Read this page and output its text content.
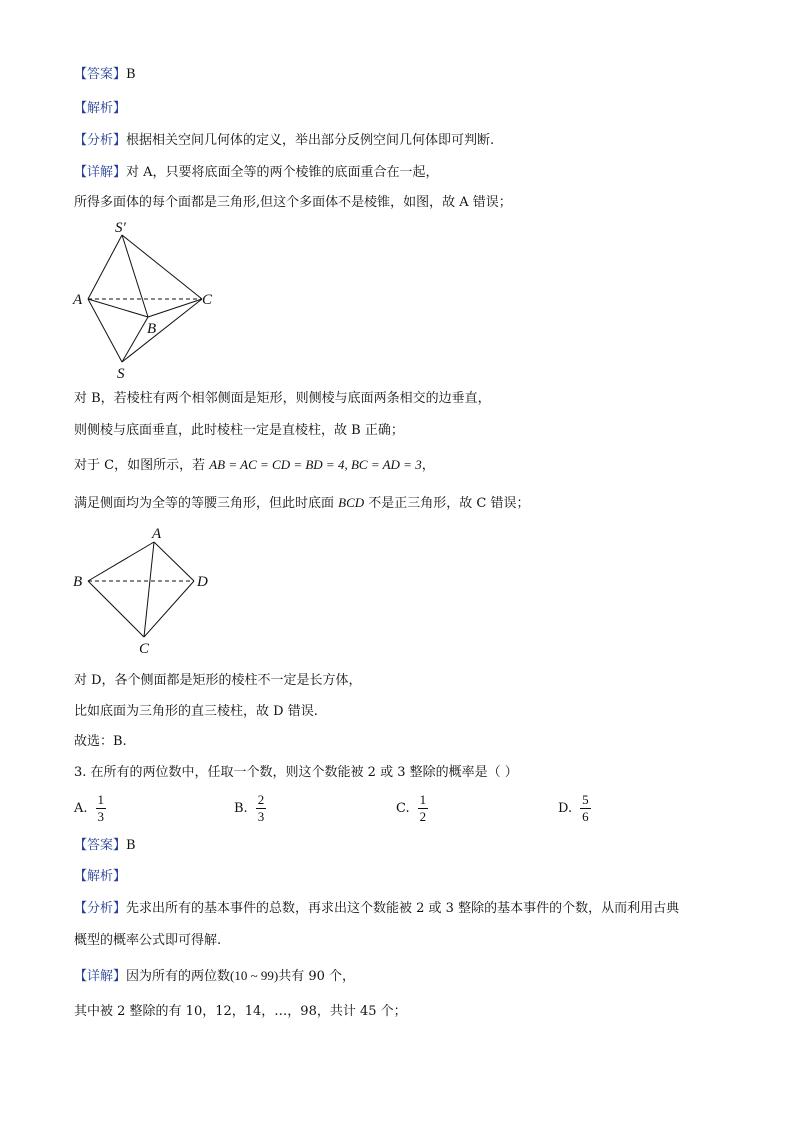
【答案】B
【解析】
【分析】根据相关空间几何体的定义，举出部分反例空间几何体即可判断.
【详解】对 A，只要将底面全等的两个棱锥的底面重合在一起，
所得多面体的每个面都是三角形,但这个多面体不是棱锥，如图，故 A 错误；
S′
A	C
B
S
对 B，若棱柱有两个相邻侧面是矩形，则侧棱与底面两条相交的边垂直，
则侧棱与底面垂直，此时棱柱一定是直棱柱，故 B 正确；
对于 C，如图所示，若 AB = AC = CD = BD = 4, BC = AD = 3，
满足侧面均为全等的等腰三角形，但此时底面 BCD 不是正三角形，故 C 错误；
A
B	D
C
对 D，各个侧面都是矩形的棱柱不一定是长方体，
比如底面为三角形的直三棱柱，故 D 错误.
故选：B.
3. 在所有的两位数中，任取一个数，则这个数能被 2 或 3 整除的概率是（ ）
A. $\frac{1}{3}$	B. $\frac{2}{3}$	C. $\frac{1}{2}$	D. $\frac{5}{6}$
【答案】B
【解析】
【分析】先求出所有的基本事件的总数，再求出这个数能被 2 或 3 整除的基本事件的个数，从而利用古典
概型的概率公式即可得解.
【详解】因为所有的两位数(10 ~ 99)共有 90 个，
其中被 2 整除的有 10，12，14，…，98，共计 45 个；
